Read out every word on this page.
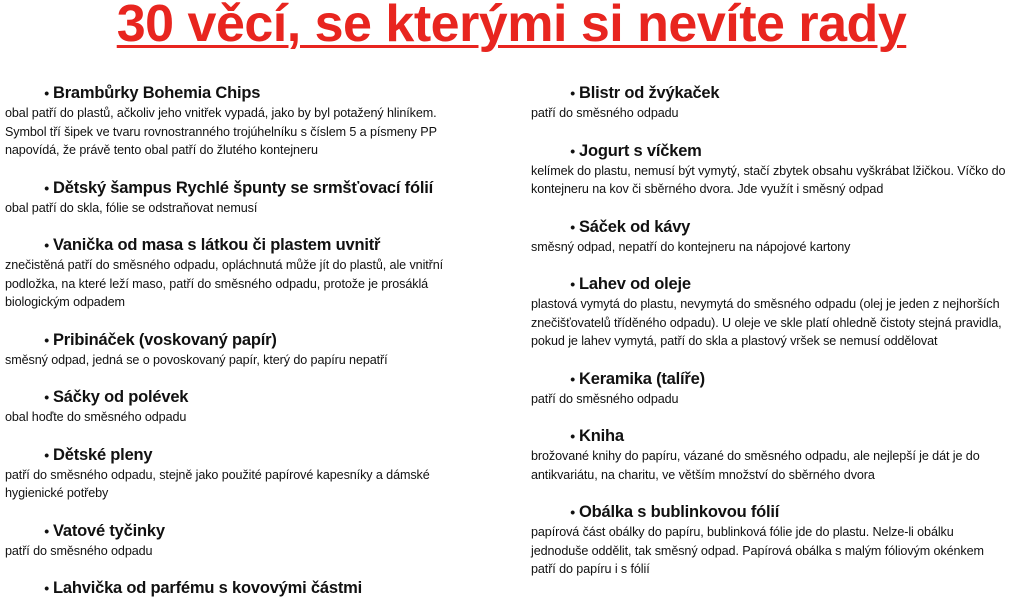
30 věcí, se kterými si nevíte rady
• Brambůrky Bohemia Chips
obal patří do plastů, ačkoliv jeho vnitřek vypadá, jako by byl potažený hliníkem. Symbol tří šipek ve tvaru rovnostranného trojúhelníku s číslem 5 a písmeny PP napovídá, že právě tento obal patří do žlutého kontejneru
• Dětský šampus Rychlé špunty se srmšťovací fólií
obal patří do skla, fólie se odstraňovat nemusí
• Vanička od masa s látkou či plastem uvnitř
znečistěná patří do směsného odpadu, opláchnutá může jít do plastů, ale vnitřní podložka, na které leží maso, patří do směsného odpadu, protože je prosáklá biologickým odpadem
• Pribináček (voskovaný papír)
směsný odpad, jedná se o povoskovaný papír, který do papíru nepatří
• Sáčky od polévek
obal hoďte do směsného odpadu
• Dětské pleny
patří do směsného odpadu, stejně jako použité papírové kapesníky a dámské hygienické potřeby
• Vatové tyčinky
patří do směsného odpadu
• Lahvička od parfému s kovovými částmi
• Blistr od žvýkaček
patří do směsného odpadu
• Jogurt s víčkem
kelímek do plastu, nemusí být vymytý, stačí zbytek obsahu vyškrábat lžičkou. Víčko do kontejneru na kov či sběrného dvora. Jde využít i směsný odpad
• Sáček od kávy
směsný odpad, nepatří do kontejneru na nápojové kartony
• Lahev od oleje
plastová vymytá do plastu, nevymytá do směsného odpadu (olej je jeden z nejhorších znečišťovatelů tříděného odpadu). U oleje ve skle platí ohledně čistoty stejná pravidla, pokud je lahev vymytá, patří do skla a plastový vršek se nemusí oddělovat
• Keramika (talíře)
patří do směsného odpadu
• Kniha
brožované knihy do papíru, vázané do směsného odpadu, ale nejlepší je dát je do antikvariátu, na charitu, ve větším množství do sběrného dvora
• Obálka s bublinkovou fólií
papírová část obálky do papíru, bublinková fólie jde do plastu. Nelze-li obálku jednoduše oddělit, tak směsný odpad. Papírová obálka s malým fóliovým okénkem patří do papíru i s fólií
